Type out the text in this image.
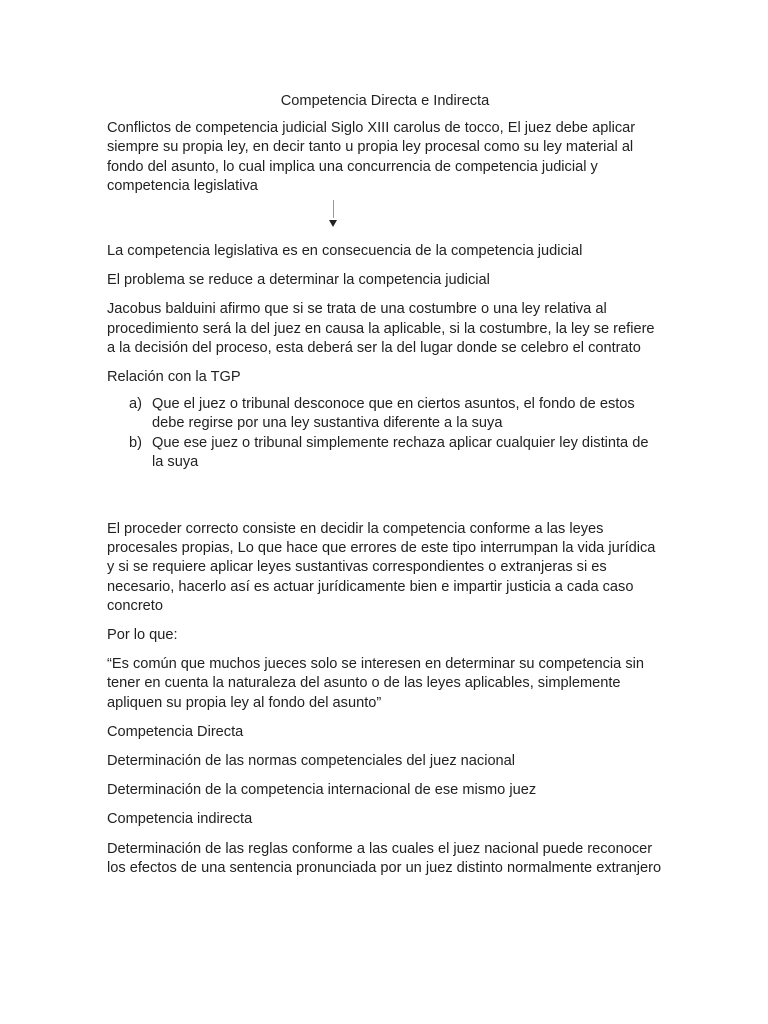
Competencia Directa e Indirecta

Conflictos de competencia judicial Siglo XIII carolus de tocco, El juez debe aplicar siempre su propia ley, en decir tanto u propia ley procesal como su ley material al fondo del asunto, lo cual implica una concurrencia de competencia judicial y competencia legislativa

La competencia legislativa es en consecuencia de la competencia judicial

El problema se reduce a determinar la competencia judicial

Jacobus balduini afirmo que si se trata de una costumbre o una ley relativa al procedimiento será la del juez en causa la aplicable, si la costumbre, la ley se refiere a la decisión del proceso, esta deberá ser la del lugar donde se celebro el contrato

Relación con la TGP

a) Que el juez o tribunal desconoce que en ciertos asuntos, el fondo de estos debe regirse por una ley sustantiva diferente a la suya
b) Que ese juez o tribunal simplemente rechaza aplicar cualquier ley distinta de la suya

El proceder correcto consiste en decidir la competencia conforme a las leyes procesales propias, Lo que hace que errores de este tipo interrumpan la vida jurídica y si se requiere aplicar leyes sustantivas correspondientes o extranjeras si es necesario, hacerlo así es actuar jurídicamente bien e impartir justicia a cada caso concreto

Por lo que:

“Es común que muchos jueces solo se interesen en determinar su competencia sin tener en cuenta la naturaleza del asunto o de las leyes aplicables, simplemente apliquen su propia ley al fondo del asunto”

Competencia Directa

Determinación de las normas competenciales del juez nacional

Determinación de la competencia internacional de ese mismo juez

Competencia indirecta

Determinación de las reglas conforme a las cuales el juez nacional puede reconocer los efectos de una sentencia pronunciada por un juez distinto normalmente extranjero
